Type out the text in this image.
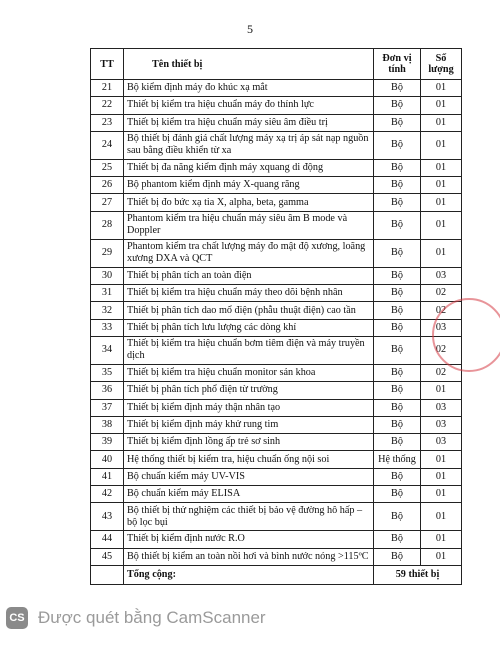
5
TT	Tên thiết bị	Đơn vị tính	Số lượng
21	Bộ kiểm định máy đo khúc xạ mắt	Bộ	01
22	Thiết bị kiểm tra hiệu chuẩn máy đo thính lực	Bộ	01
23	Thiết bị kiểm tra hiệu chuẩn máy siêu âm điều trị	Bộ	01
24	Bộ thiết bị đánh giá chất lượng máy xạ trị áp sát nạp nguồn sau bằng điều khiển từ xa	Bộ	01
25	Thiết bị đa năng kiểm định máy xquang di động	Bộ	01
26	Bộ phantom kiểm định máy X-quang răng	Bộ	01
27	Thiết bị đo bức xạ tia X, alpha, beta, gamma	Bộ	01
28	Phantom kiểm tra hiệu chuẩn máy siêu âm B mode và Doppler	Bộ	01
29	Phantom kiểm tra chất lượng máy đo mật độ xương, loãng xương DXA và QCT	Bộ	01
30	Thiết bị phân tích an toàn điện	Bộ	03
31	Thiết bị kiểm tra hiệu chuẩn máy theo dõi bệnh nhân	Bộ	02
32	Thiết bị phân tích dao mổ điện (phẫu thuật điện) cao tần	Bộ	02
33	Thiết bị phân tích lưu lượng các dòng khí	Bộ	03
34	Thiết bị kiểm tra hiệu chuẩn bơm tiêm điện và máy truyền dịch	Bộ	02
35	Thiết bị kiểm tra hiệu chuẩn monitor sản khoa	Bộ	02
36	Thiết bị phân tích phổ điện từ trường	Bộ	01
37	Thiết bị kiểm định máy thận nhân tạo	Bộ	03
38	Thiết bị kiểm định máy khử rung tim	Bộ	03
39	Thiết bị kiểm định lồng ấp trẻ sơ sinh	Bộ	03
40	Hệ thống thiết bị kiểm tra, hiệu chuẩn ống nội soi	Hệ thống	01
41	Bộ chuẩn kiểm máy UV-VIS	Bộ	01
42	Bộ chuẩn kiểm máy ELISA	Bộ	01
43	Bộ thiết bị thử nghiệm các thiết bị bảo vệ đường hô hấp – bộ lọc bụi	Bộ	01
44	Thiết bị kiểm định nước R.O	Bộ	01
45	Bộ thiết bị kiểm an toàn nồi hơi và bình nước nóng >115ºC	Bộ	01
	Tổng cộng:	59 thiết bị	
CS Được quét bằng CamScanner
